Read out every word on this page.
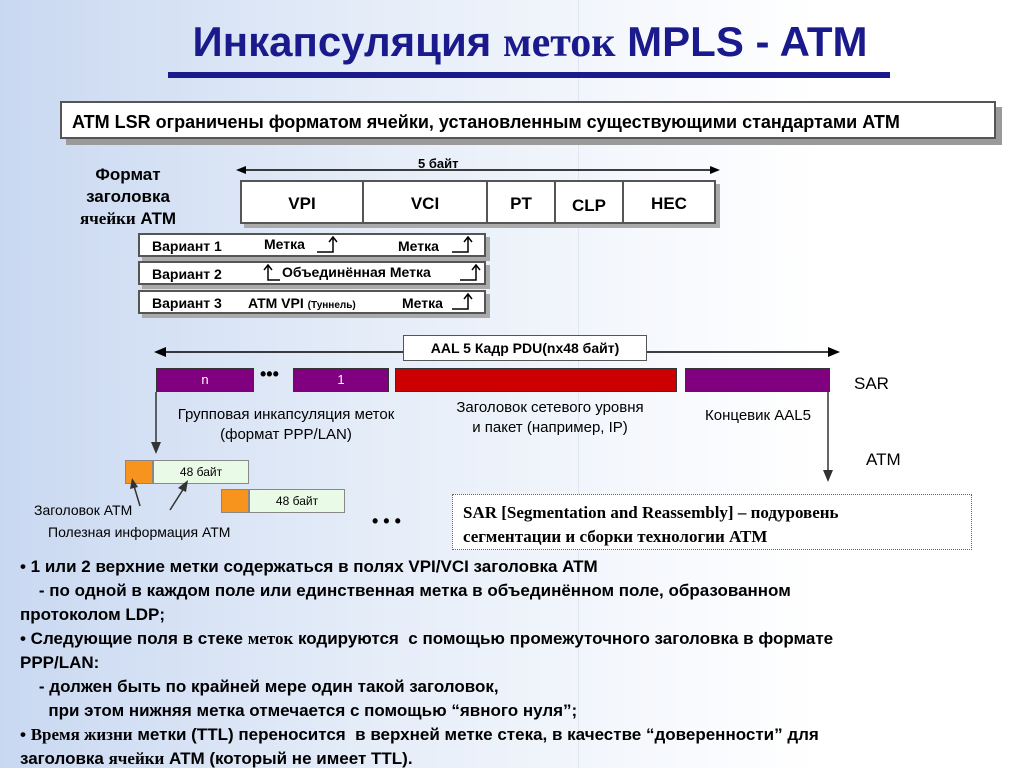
Инкапсуляция меток MPLS - ATM
ATM LSR ограничены форматом ячейки, установленным существующими стандартами ATM
Формат
заголовка
ячейки ATM
5 байт
VPI	VCI	PT	CLP	HEC
Вариант 1	Метка	Метка
Вариант 2	Объединённая Метка
Вариант 3 ATM VPI (Туннель)	Метка
AAL 5 Кадр PDU(nx48 байт)
n	•••	1	SAR
Групповая инкапсуляция меток
(формат PPP/LAN)
Заголовок сетевого уровня
и пакет (например, IP)
Концевик AAL5
ATM
48 байт
48 байт
• • •
Заголовок ATM
Полезная информация ATM
SAR [Segmentation and Reassembly] – подуровень
сегментации и сборки технологии ATM

• 1 или 2 верхние метки содержаться в полях VPI/VCI заголовка ATM

- по одной в каждом поле или единственная метка в объединённом поле, образованном

протоколом LDP;

• Следующие поля в стеке меток кодируются  с помощью промежуточного заголовка в формате

PPP/LAN:

- должен быть по крайней мере один такой заголовок,

при этом нижняя метка отмечается с помощью “явного нуля”;

• Время жизни метки (TTL) переносится  в верхней метке стека, в качестве “доверенности” для

заголовка ячейки ATM (который не имеет TTL).
